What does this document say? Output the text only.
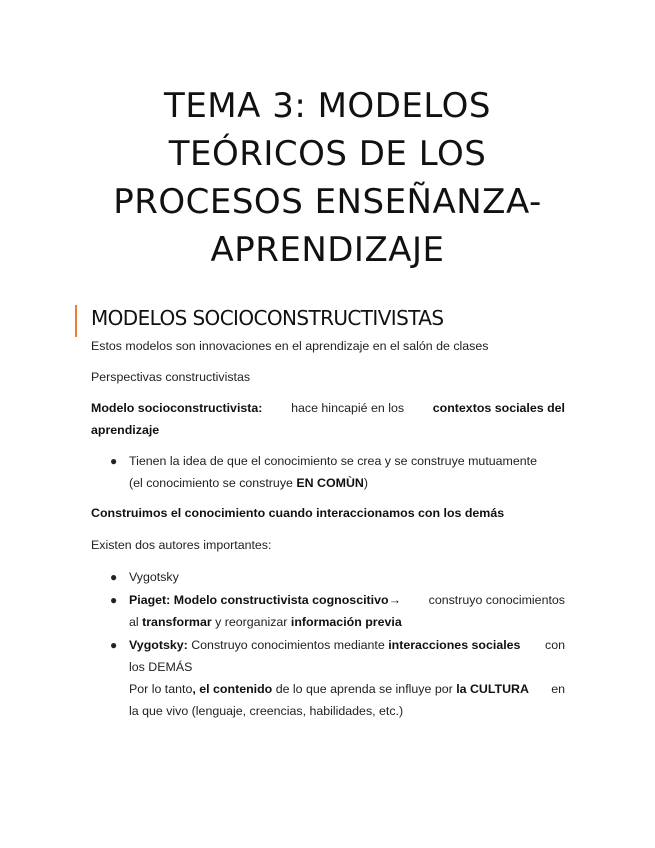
TEMA 3: MODELOS
TEÓRICOS DE LOS
PROCESOS ENSEÑANZA-
APRENDIZAJE
MODELOS SOCIOCONSTRUCTIVISTAS
Estos modelos son innovaciones en el aprendizaje en el salón de clases
Perspectivas constructivistas
Modelo socioconstructivista: hace hincapié en los contextos sociales del
aprendizaje
● Tienen la idea de que el conocimiento se crea y se construye mutuamente
(el conocimiento se construye EN COMÙN)
Construimos el conocimiento cuando interaccionamos con los demás
Existen dos autores importantes:
● Vygotsky
● Piaget: Modelo constructivista cognoscitivo→ construyo conocimientos
al transformar y reorganizar información previa
● Vygotsky: Construyo conocimientos mediante interacciones sociales con
los DEMÁS
Por lo tanto, el contenido de lo que aprenda se influye por la CULTURA en
la que vivo (lenguaje, creencias, habilidades, etc.)
